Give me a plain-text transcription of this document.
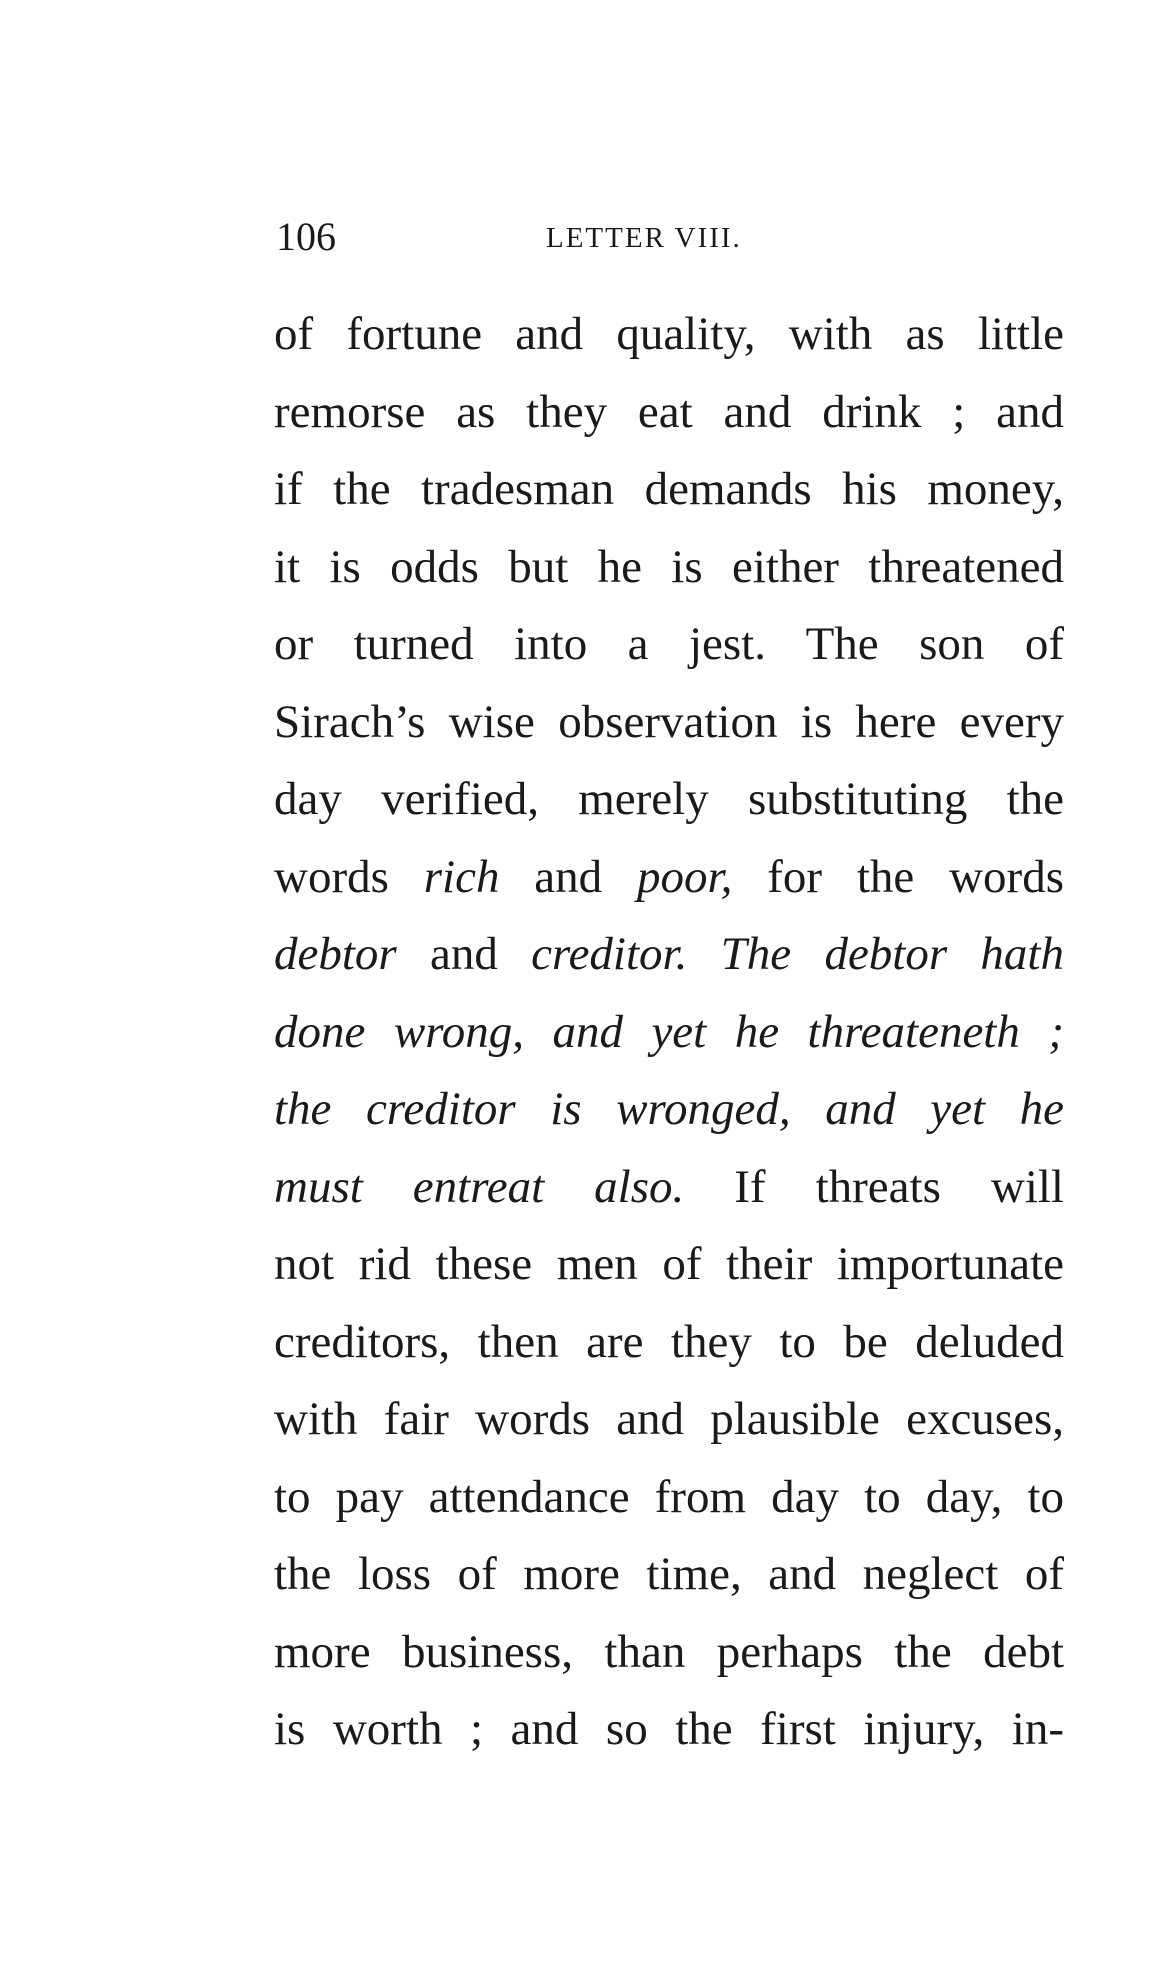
106	LETTER VIII.
of fortune and quality, with as little
remorse as they eat and drink ; and
if the tradesman demands his money,
it is odds but he is either threatened
or turned into a jest. The son of
Sirach’s wise observation is here every
day verified, merely substituting the
words rich and poor, for the words
debtor and creditor. The debtor hath
done wrong, and yet he threateneth ;
the creditor is wronged, and yet he
must entreat also. If threats will
not rid these men of their importunate
creditors, then are they to be deluded
with fair words and plausible excuses,
to pay attendance from day to day, to
the loss of more time, and neglect of
more business, than perhaps the debt
is worth ; and so the first injury, in-
